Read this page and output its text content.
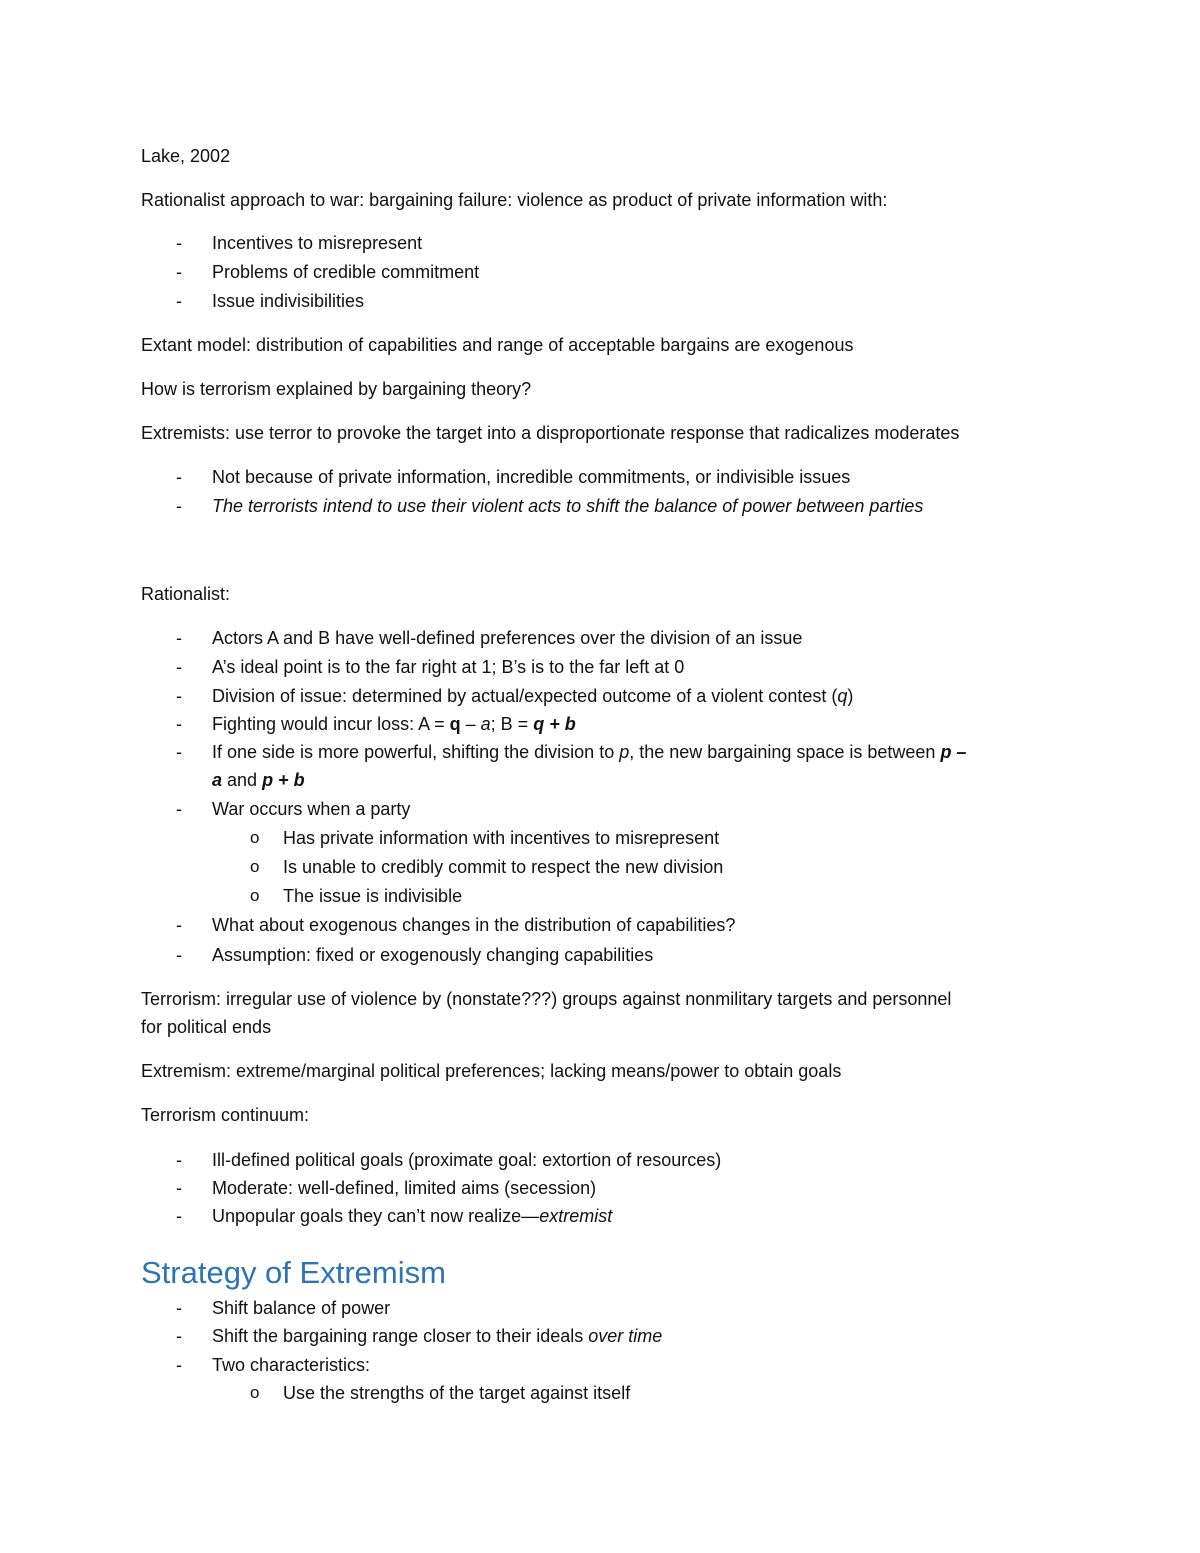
Lake, 2002
Rationalist approach to war: bargaining failure: violence as product of private information with:
- Incentives to misrepresent
- Problems of credible commitment
- Issue indivisibilities
Extant model: distribution of capabilities and range of acceptable bargains are exogenous
How is terrorism explained by bargaining theory?
Extremists: use terror to provoke the target into a disproportionate response that radicalizes moderates
- Not because of private information, incredible commitments, or indivisible issues
- The terrorists intend to use their violent acts to shift the balance of power between parties
Rationalist:
- Actors A and B have well-defined preferences over the division of an issue
- A’s ideal point is to the far right at 1; B’s is to the far left at 0
- Division of issue: determined by actual/expected outcome of a violent contest (q)
- Fighting would incur loss: A = q – a; B = q + b
- If one side is more powerful, shifting the division to p, the new bargaining space is between p –
a and p + b
- War occurs when a party
o Has private information with incentives to misrepresent
o Is unable to credibly commit to respect the new division
o The issue is indivisible
- What about exogenous changes in the distribution of capabilities?
- Assumption: fixed or exogenously changing capabilities
Terrorism: irregular use of violence by (nonstate???) groups against nonmilitary targets and personnel
for political ends
Extremism: extreme/marginal political preferences; lacking means/power to obtain goals
Terrorism continuum:
- Ill-defined political goals (proximate goal: extortion of resources)
- Moderate: well-defined, limited aims (secession)
- Unpopular goals they can’t now realize—extremist
Strategy of Extremism
- Shift balance of power
- Shift the bargaining range closer to their ideals over time
- Two characteristics:
o Use the strengths of the target against itself
